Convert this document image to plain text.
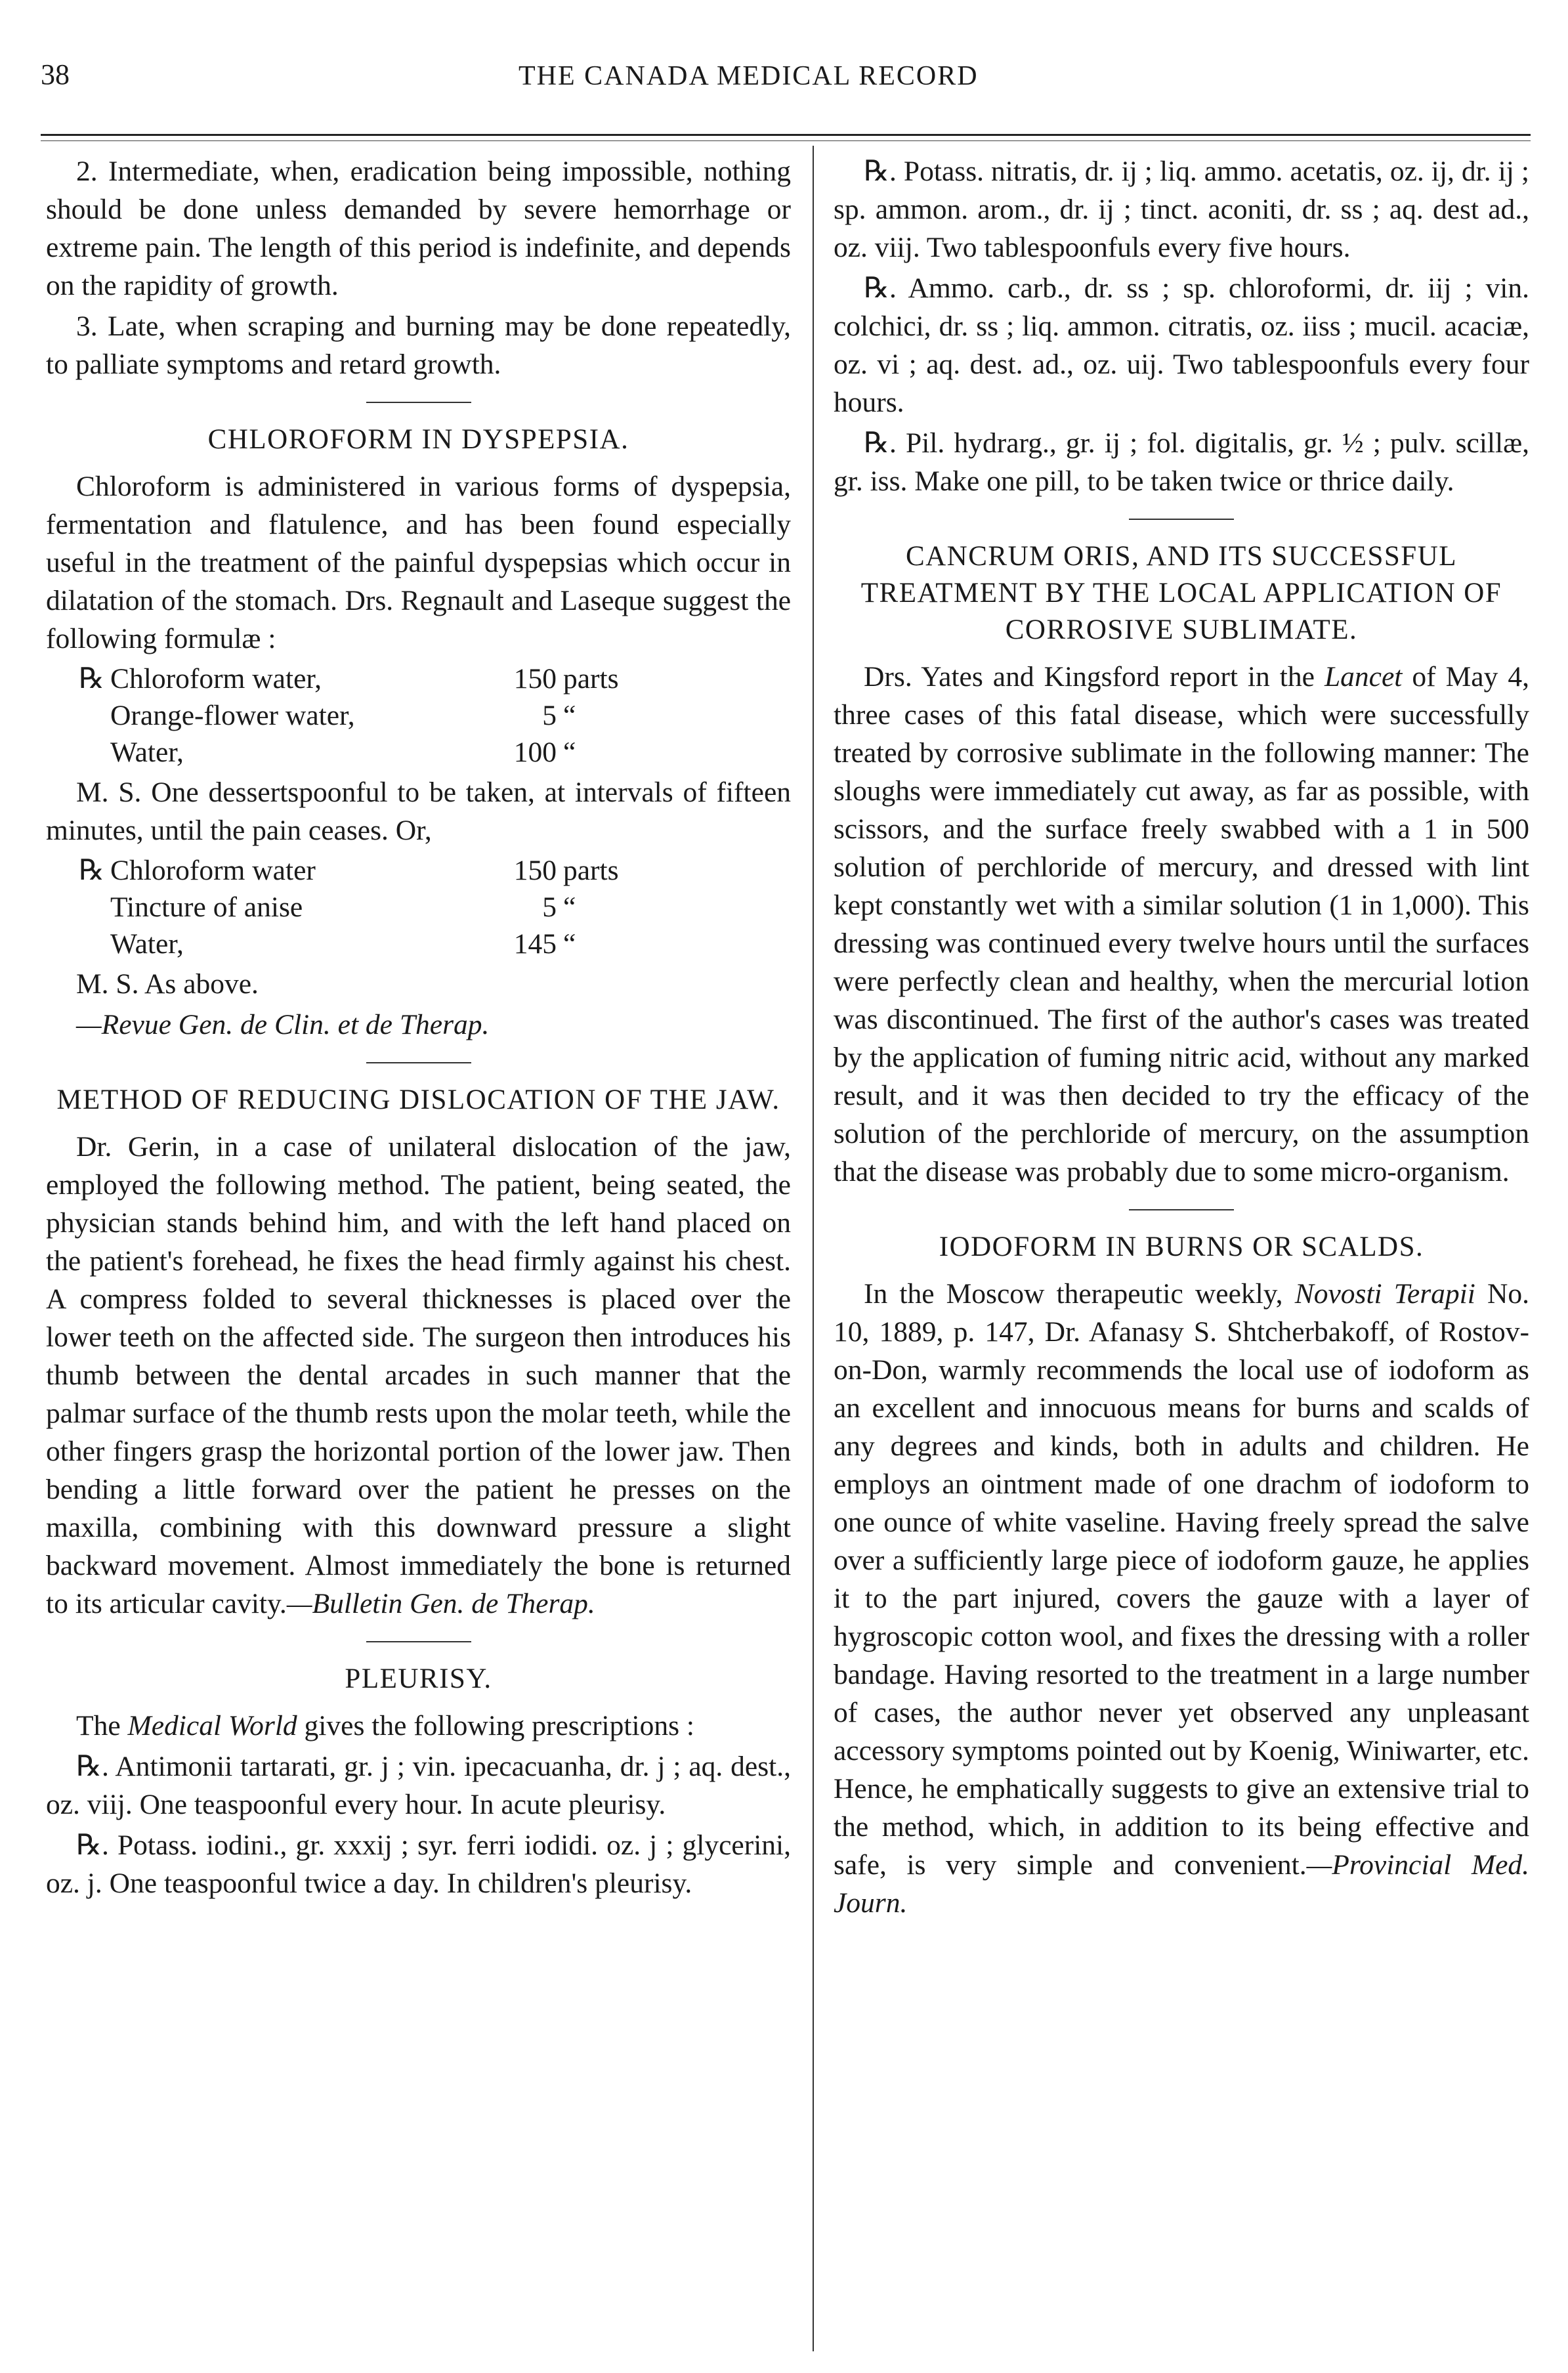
38	THE CANADA MEDICAL RECORD

2. Intermediate, when, eradication being impossible, nothing should be done unless demanded by severe hemorrhage or extreme pain. The length of this period is indefinite, and depends on the rapidity of growth.

3. Late, when scraping and burning may be done repeatedly, to palliate symptoms and retard growth.

CHLOROFORM IN DYSPEPSIA.

Chloroform is administered in various forms of dyspepsia, fermentation and flatulence, and has been found especially useful in the treatment of the painful dyspepsias which occur in dilatation of the stomach. Drs. Regnault and Laseque suggest the following formulæ :

℞	Chloroform water,	150	parts
	Orange-flower water,	5	“
	Water,	100	“

M. S. One dessertspoonful to be taken, at intervals of fifteen minutes, until the pain ceases. Or,

℞	Chloroform water	150	parts
	Tincture of anise	5	“
	Water,	145	“

M. S. As above.

—Revue Gen. de Clin. et de Therap.

METHOD OF REDUCING DISLOCATION OF THE JAW.

Dr. Gerin, in a case of unilateral dislocation of the jaw, employed the following method. The patient, being seated, the physician stands behind him, and with the left hand placed on the patient's forehead, he fixes the head firmly against his chest. A compress folded to several thicknesses is placed over the lower teeth on the affected side. The surgeon then introduces his thumb between the dental arcades in such manner that the palmar surface of the thumb rests upon the molar teeth, while the other fingers grasp the horizontal portion of the lower jaw. Then bending a little forward over the patient he presses on the maxilla, combining with this downward pressure a slight backward movement. Almost immediately the bone is returned to its articular cavity.—Bulletin Gen. de Therap.

PLEURISY.

The Medical World gives the following prescriptions :

℞. Antimonii tartarati, gr. j ; vin. ipecacuanha, dr. j ; aq. dest., oz. viij. One teaspoonful every hour. In acute pleurisy.

℞. Potass. iodini., gr. xxxij ; syr. ferri iodidi. oz. j ; glycerini, oz. j. One teaspoonful twice a day. In children's pleurisy.

℞. Potass. nitratis, dr. ij ; liq. ammo. acetatis, oz. ij, dr. ij ; sp. ammon. arom., dr. ij ; tinct. aconiti, dr. ss ; aq. dest ad., oz. viij. Two tablespoonfuls every five hours.

℞. Ammo. carb., dr. ss ; sp. chloroformi, dr. iij ; vin. colchici, dr. ss ; liq. ammon. citratis, oz. iiss ; mucil. acaciæ, oz. vi ; aq. dest. ad., oz. uij. Two tablespoonfuls every four hours.

℞. Pil. hydrarg., gr. ij ; fol. digitalis, gr. ½ ; pulv. scillæ, gr. iss. Make one pill, to be taken twice or thrice daily.

CANCRUM ORIS, AND ITS SUCCESSFUL TREATMENT BY THE LOCAL APPLICATION OF CORROSIVE SUBLIMATE.

Drs. Yates and Kingsford report in the Lancet of May 4, three cases of this fatal disease, which were successfully treated by corrosive sublimate in the following manner: The sloughs were immediately cut away, as far as possible, with scissors, and the surface freely swabbed with a 1 in 500 solution of perchloride of mercury, and dressed with lint kept constantly wet with a similar solution (1 in 1,000). This dressing was continued every twelve hours until the surfaces were perfectly clean and healthy, when the mercurial lotion was discontinued. The first of the author's cases was treated by the application of fuming nitric acid, without any marked result, and it was then decided to try the efficacy of the solution of the perchloride of mercury, on the assumption that the disease was probably due to some micro-organism.

IODOFORM IN BURNS OR SCALDS.

In the Moscow therapeutic weekly, Novosti Terapii No. 10, 1889, p. 147, Dr. Afanasy S. Shtcherbakoff, of Rostov-on-Don, warmly recommends the local use of iodoform as an excellent and innocuous means for burns and scalds of any degrees and kinds, both in adults and children. He employs an ointment made of one drachm of iodoform to one ounce of white vaseline. Having freely spread the salve over a sufficiently large piece of iodoform gauze, he applies it to the part injured, covers the gauze with a layer of hygroscopic cotton wool, and fixes the dressing with a roller bandage. Having resorted to the treatment in a large number of cases, the author never yet observed any unpleasant accessory symptoms pointed out by Koenig, Winiwarter, etc. Hence, he emphatically suggests to give an extensive trial to the method, which, in addition to its being effective and safe, is very simple and convenient.—Provincial Med. Journ.
